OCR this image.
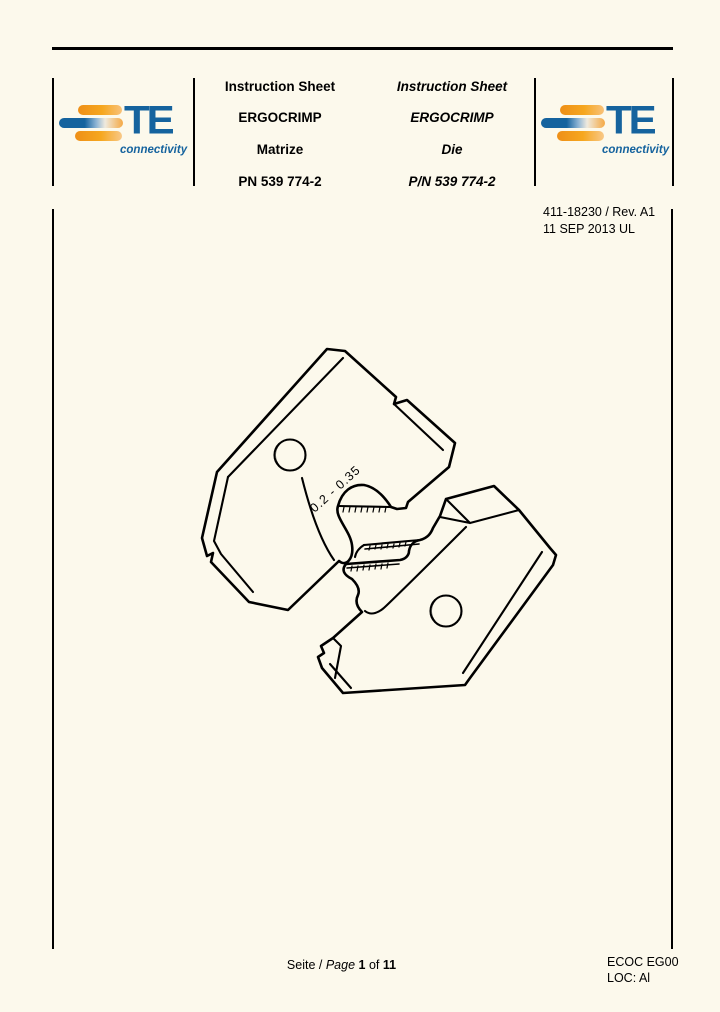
TE
connectivity
TE
connectivity
Instruction Sheet
ERGOCRIMP
Matrize
PN 539 774-2
Instruction Sheet
ERGOCRIMP
Die
P/N 539 774-2
411-18230 / Rev. A1
11 SEP 2013 UL
0.2 - 0.35
Seite / Page 1 of 11	ECOC EG00
LOC: Al
